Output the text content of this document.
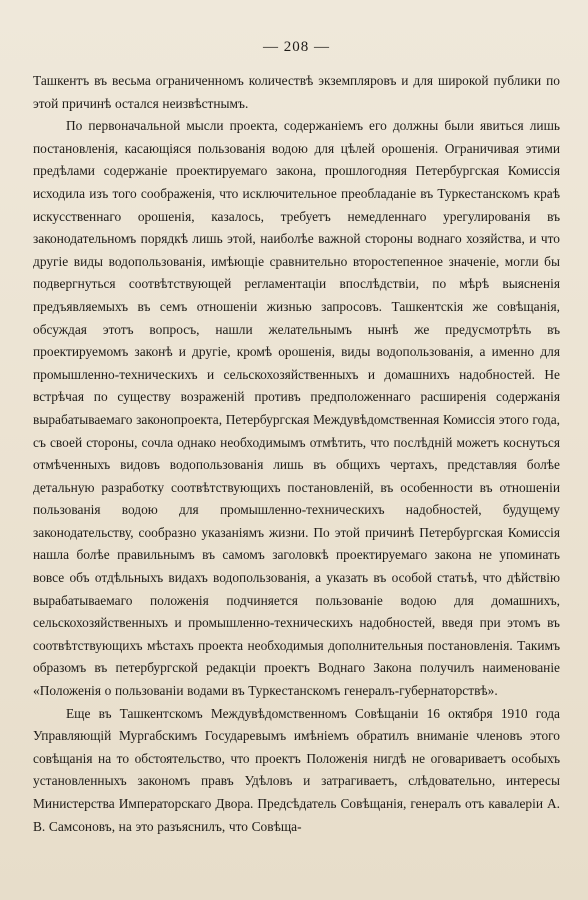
— 208 —

Ташкентъ въ весьма ограниченномъ количествѣ экземпляровъ и для широкой публики по этой причинѣ остался неизвѣстнымъ.

По первоначальной мысли проекта, содержанiемъ его должны были явиться лишь постановленiя, касающiяся пользованiя водою для цѣлей орошенiя. Ограничивая этими предѣлами содержанiе проектируемаго закона, прошлогодняя Петербургская Комиссiя исходила изъ того соображенiя, что исключительное преобладанiе въ Туркестанскомъ краѣ искусственнаго орошенiя, казалось, требуетъ немедленнаго урегулированiя въ законодательномъ порядкѣ лишь этой, наиболѣе важной стороны воднаго хозяйства, и что другiе виды водопользованiя, имѣющiе сравнительно второстепенное значенiе, могли бы подвергнуться соотвѣтствующей регламентацiи впослѣдствiи, по мѣрѣ выясненiя предъявляемыхъ въ семъ отношенiи жизнью запросовъ. Ташкентскiя же совѣщанiя, обсуждая этотъ вопросъ, нашли желательнымъ нынѣ же предусмотрѣть въ проектируемомъ законѣ и другiе, кромѣ орошенiя, виды водопользованiя, а именно для промышленно-техническихъ и сельскохозяйственныхъ и домашнихъ надобностей. Не встрѣчая по существу возраженiй противъ предположеннаго расширенiя содержанiя вырабатываемаго законопроекта, Петербургская Междувѣдомственная Комиссiя этого года, съ своей стороны, сочла однако необходимымъ отмѣтить, что послѣднiй можетъ коснуться отмѣченныхъ видовъ водопользованiя лишь въ общихъ чертахъ, представляя болѣе детальную разработку соотвѣтствующихъ постановленiй, въ особенности въ отношенiи пользованiя водою для промышленно-техническихъ надобностей, будущему законодательству, сообразно указанiямъ жизни. По этой причинѣ Петербургская Комиссiя нашла болѣе правильнымъ въ самомъ заголовкѣ проектируемаго закона не упоминать вовсе объ отдѣльныхъ видахъ водопользованiя, а указать въ особой статьѣ, что дѣйствiю вырабатываемаго положенiя подчиняется пользованiе водою для домашнихъ, сельскохозяйственныхъ и промышленно-техническихъ надобностей, введя при этомъ въ соотвѣтствующихъ мѣстахъ проекта необходимыя дополнительныя постановленiя. Такимъ образомъ въ петербургской редакцiи проектъ Воднаго Закона получилъ наименованiе «Положенiя о пользованiи водами въ Туркестанскомъ генералъ-губернаторствѣ».

Еще въ Ташкентскомъ Междувѣдомственномъ Совѣщанiи 16 октября 1910 года Управляющiй Мургабскимъ Государевымъ имѣнiемъ обратилъ вниманiе членовъ этого совѣщанiя на то обстоятельство, что проектъ Положенiя нигдѣ не оговариваетъ особыхъ установленныхъ закономъ правъ Удѣловъ и затрагиваетъ, слѣдовательно, интересы Министерства Императорскаго Двора. Предсѣдатель Совѣщанiя, генералъ отъ кавалерiи А. В. Самсоновъ, на это разъяснилъ, что Совѣща-
